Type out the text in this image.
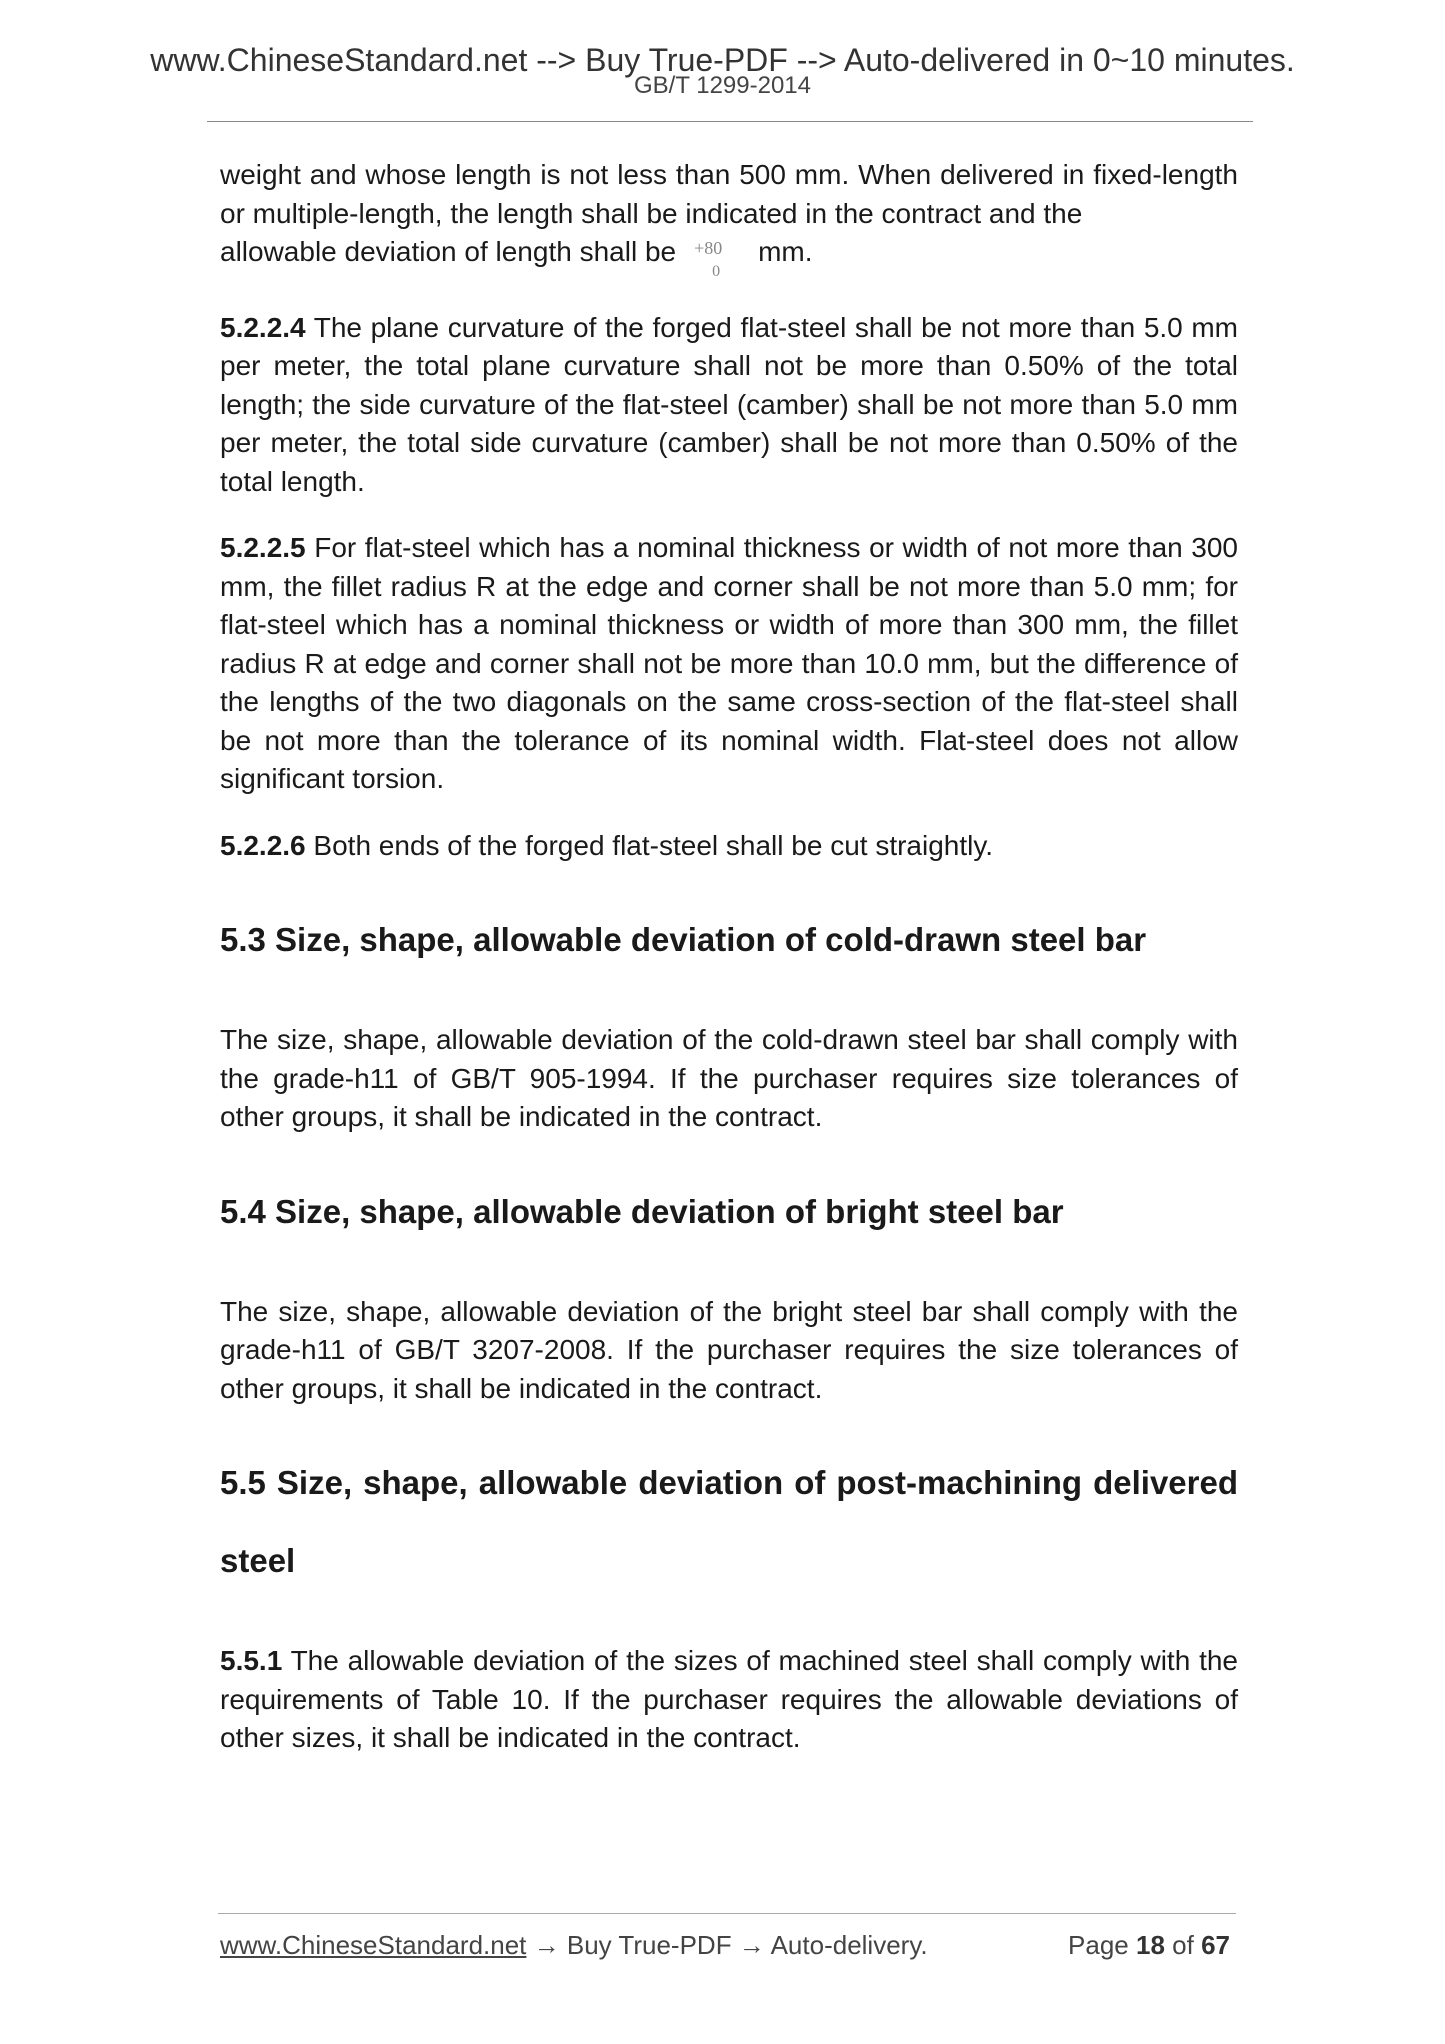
www.ChineseStandard.net --> Buy True-PDF --> Auto-delivered in 0~10 minutes.
GB/T 1299-2014

weight and whose length is not less than 500 mm. When delivered in fixed-length or multiple-length, the length shall be indicated in the contract and the
allowable deviation of length shall be +80
0
mm.

5.2.2.4 The plane curvature of the forged flat-steel shall be not more than 5.0 mm per meter, the total plane curvature shall not be more than 0.50% of the total length; the side curvature of the flat-steel (camber) shall be not more than 5.0 mm per meter, the total side curvature (camber) shall be not more than 0.50% of the total length.

5.2.2.5 For flat-steel which has a nominal thickness or width of not more than 300 mm, the fillet radius R at the edge and corner shall be not more than 5.0 mm; for flat-steel which has a nominal thickness or width of more than 300 mm, the fillet radius R at edge and corner shall not be more than 10.0 mm, but the difference of the lengths of the two diagonals on the same cross-section of the flat-steel shall be not more than the tolerance of its nominal width. Flat-steel does not allow significant torsion.

5.2.2.6 Both ends of the forged flat-steel shall be cut straightly.

5.3 Size, shape, allowable deviation of cold-drawn steel bar

The size, shape, allowable deviation of the cold-drawn steel bar shall comply with the grade-h11 of GB/T 905-1994. If the purchaser requires size tolerances of other groups, it shall be indicated in the contract.

5.4 Size, shape, allowable deviation of bright steel bar

The size, shape, allowable deviation of the bright steel bar shall comply with the grade-h11 of GB/T 3207-2008. If the purchaser requires the size tolerances of other groups, it shall be indicated in the contract.

5.5 Size, shape, allowable deviation of post-machining delivered steel

5.5.1 The allowable deviation of the sizes of machined steel shall comply with the requirements of Table 10. If the purchaser requires the allowable deviations of other sizes, it shall be indicated in the contract.

www.ChineseStandard.net → Buy True-PDF → Auto-delivery.	Page 18 of 67
